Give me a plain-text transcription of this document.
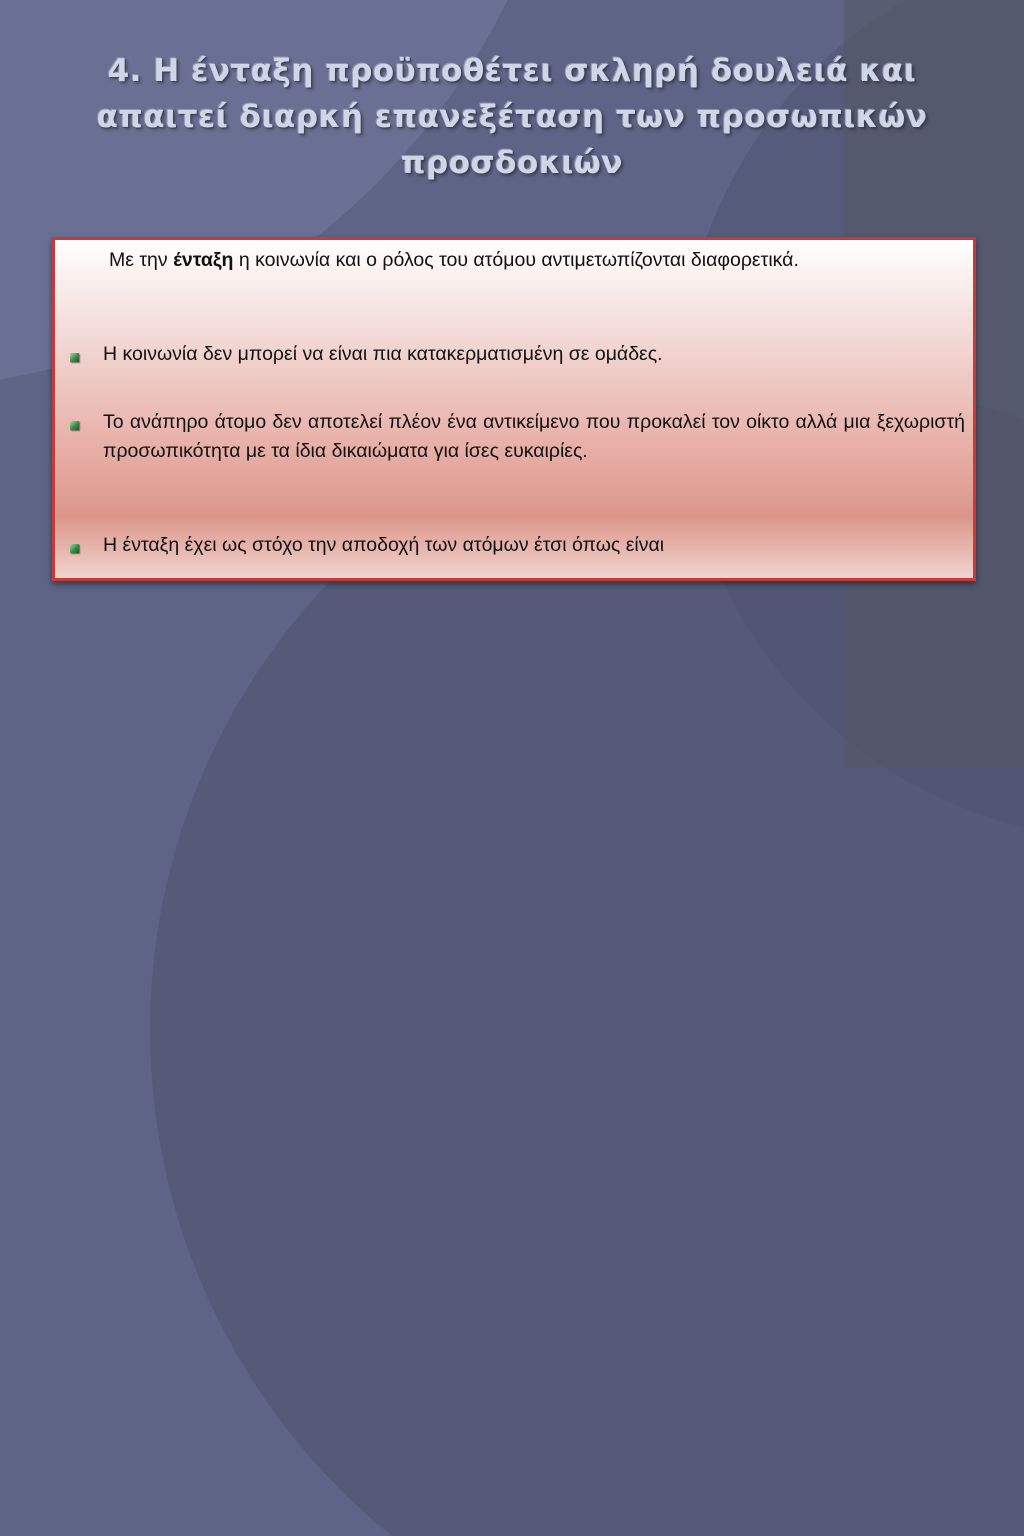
4. Η ένταξη προϋποθέτει σκληρή δουλειά και απαιτεί διαρκή επανεξέταση των προσωπικών προσδοκιών
Με την ένταξη η κοινωνία και ο ρόλος του ατόμου αντιμετωπίζονται διαφορετικά.
Η κοινωνία δεν μπορεί να είναι πια κατακερματισμένη σε ομάδες.
Το ανάπηρο άτομο δεν αποτελεί πλέον ένα αντικείμενο που προκαλεί τον οίκτο αλλά μια ξεχωριστή προσωπικότητα με τα ίδια δικαιώματα για ίσες ευκαιρίες.
Η ένταξη έχει ως στόχο την αποδοχή των ατόμων έτσι όπως είναι
